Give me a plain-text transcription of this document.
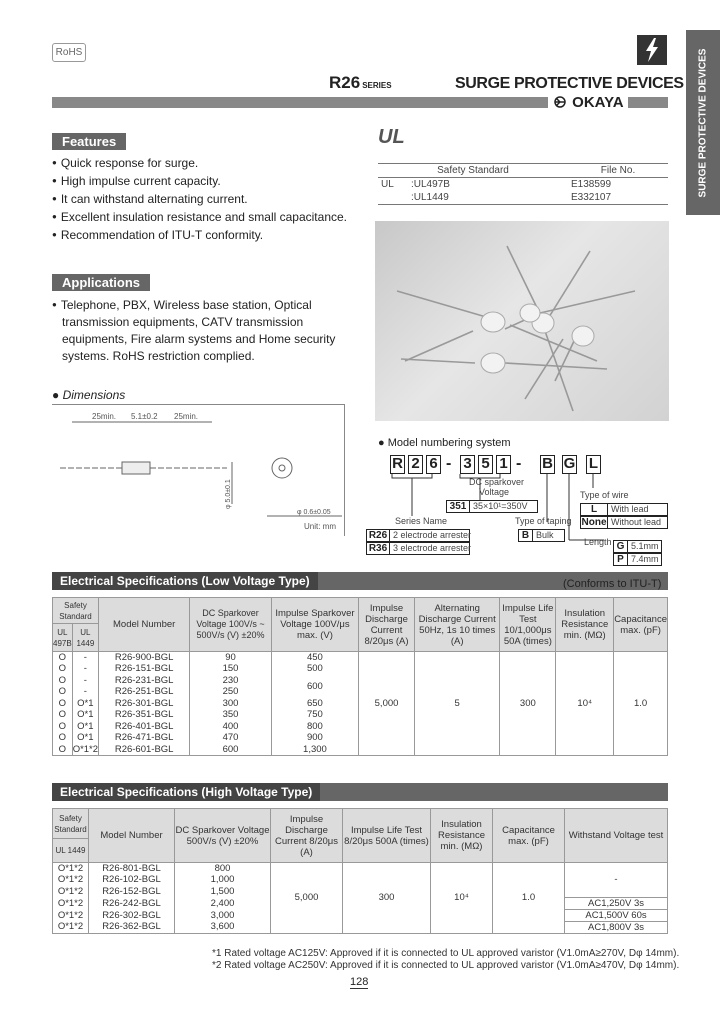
RoHS	SURGE PROTECTIVE DEVICES
R26 SERIES	SURGE PROTECTIVE DEVICES
OKAYA
Features
● Quick response for surge.
● High impulse current capacity.
● It can withstand alternating current.
● Excellent insulation resistance and small capacitance.
● Recommendation of ITU-T conformity.
Applications
● Telephone, PBX, Wireless base station, Optical transmission equipments, CATV transmission equipments, Fire alarm systems and Home security systems. RoHS restriction complied.
UL
Safety Standard		File No.
UL	:UL497B	E138599
	:UL1449	E332107
● Dimensions
25min. 5.1±0.2 25min.
φ 5.0±0.1
φ 0.6±0.05
Unit: mm
● Model numbering system
R 2 6 - 3 5 1 - B G L
DC sparkover
Voltage
351 35×10¹=350V
Series Name
R26 2 electrode arrester
R36 3 electrode arrester
Type of taping
B Bulk
Length G 5.1mm
P 7.4mm
Type of wire
L	With lead
None Without lead
Electrical Specifications (Low Voltage Type)	(Conforms to ITU-T)
Safety Standard		Model Number	DC Sparkover Voltage 100V/s ~ 500V/s (V) ±20%	Impulse Sparkover Voltage 100V/μs max. (V)	Impulse Discharge Current 8/20μs (A)	Alternating Discharge Current 50Hz, 1s 10 times (A)	Impulse Life Test 10/1,000μs 50A (times)	Insulation Resistance min. (MΩ)	Capacitance max. (pF)
UL 497B	UL 1449								
O	-	R26-900-BGL	90	450	5,000	5	300	10⁴	1.0
O	-	R26-151-BGL	150	500					
O	-	R26-231-BGL	230	600					
O	-	R26-251-BGL	250						
O	O*1	R26-301-BGL	300	650					
O	O*1	R26-351-BGL	350	750					
O	O*1	R26-401-BGL	400	800					
O	O*1	R26-471-BGL	470	900					
O	O*1*2	R26-601-BGL	600	1,300					
Electrical Specifications (High Voltage Type)
Safety Standard	Model Number	DC Sparkover Voltage 500V/s (V) ±20%	Impulse Discharge Current 8/20μs (A)	Impulse Life Test 8/20μs 500A (times)	Insulation Resistance min. (MΩ)	Capacitance max. (pF)	Withstand Voltage test
UL 1449							
O*1*2	R26-801-BGL	800	5,000	300	10⁴	1.0	-
O*1*2	R26-102-BGL	1,000					
O*1*2	R26-152-BGL	1,500					
O*1*2	R26-242-BGL	2,400					AC1,250V 3s
O*1*2	R26-302-BGL	3,000					AC1,500V 60s
O*1*2	R26-362-BGL	3,600					AC1,800V 3s
*1 Rated voltage AC125V: Approved if it is connected to UL approved varistor (V1.0mA≥270V, Dφ 14mm).
*2 Rated voltage AC250V: Approved if it is connected to UL approved varistor (V1.0mA≥470V, Dφ 14mm).
128
